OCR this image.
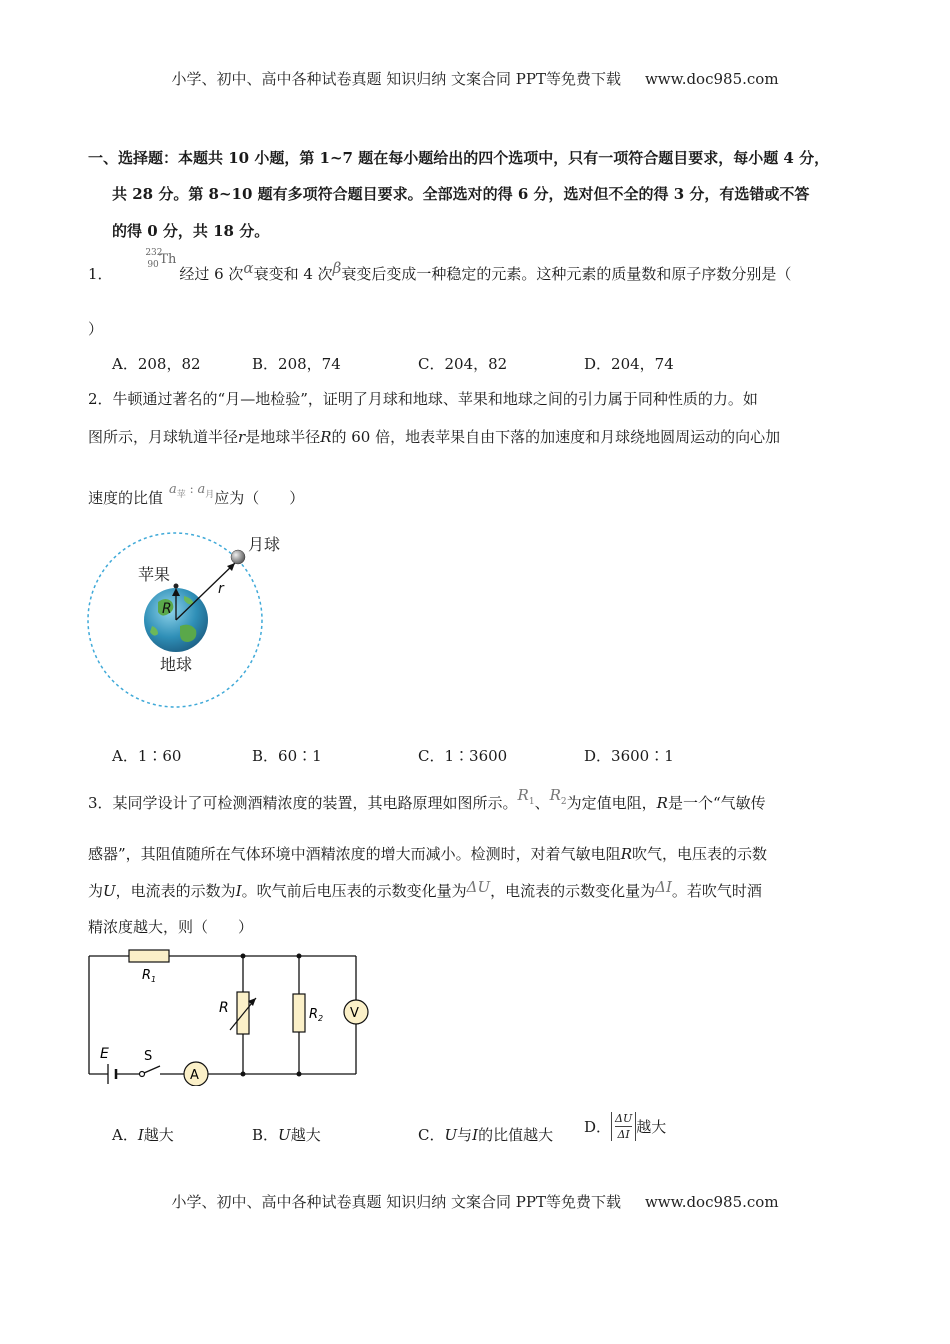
小学、初中、高中各种试卷真题 知识归纳 文案合同 PPT等免费下载 www.doc985.com
一、选择题：本题共 10 小题，第 1~7 题在每小题给出的四个选项中，只有一项符合题目要求，每小题 4 分，
共 28 分。第 8~10 题有多项符合题目要求。全部选对的得 6 分，选对但不全的得 3 分，有选错或不答
的得 0 分，共 18 分。
1．
232
90 Th
经过 6 次α衰变和 4 次β衰变后变成一种稳定的元素。这种元素的质量数和原子序数分别是（
）
A．208，82	B．208，74	C．204，82	D．204，74
2．牛顿通过著名的“月—地检验”，证明了月球和地球、苹果和地球之间的引力属于同种性质的力。如
图所示，月球轨道半径r是地球半径R的 60 倍，地表苹果自由下落的加速度和月球绕地圆周运动的向心加
速度的比值 $a_苹$ : $a_月$应为（　　）
月球
苹果
R
r
地球
A．1∶60	B．60∶1	C．1∶3600	D．3600∶1
3．某同学设计了可检测酒精浓度的装置，其电路原理如图所示。$R_1$、$R_2$为定值电阻，R是一个“气敏传
感器”，其阻值随所在气体环境中酒精浓度的增大而减小。检测时，对着气敏电阻R吹气，电压表的示数
为U，电流表的示数为I。吹气前后电压表的示数变化量为ΔU，电流表的示数变化量为ΔI。若吹气时酒
精浓度越大，则（　　）
$R_1$
R	$R_2$ V
A
E	S
A．I越大	B．U越大	C．U与I的比值越大 D． $\frac{\Delta U}{\Delta I}$ 越大
小学、初中、高中各种试卷真题 知识归纳 文案合同 PPT等免费下载 www.doc985.com
